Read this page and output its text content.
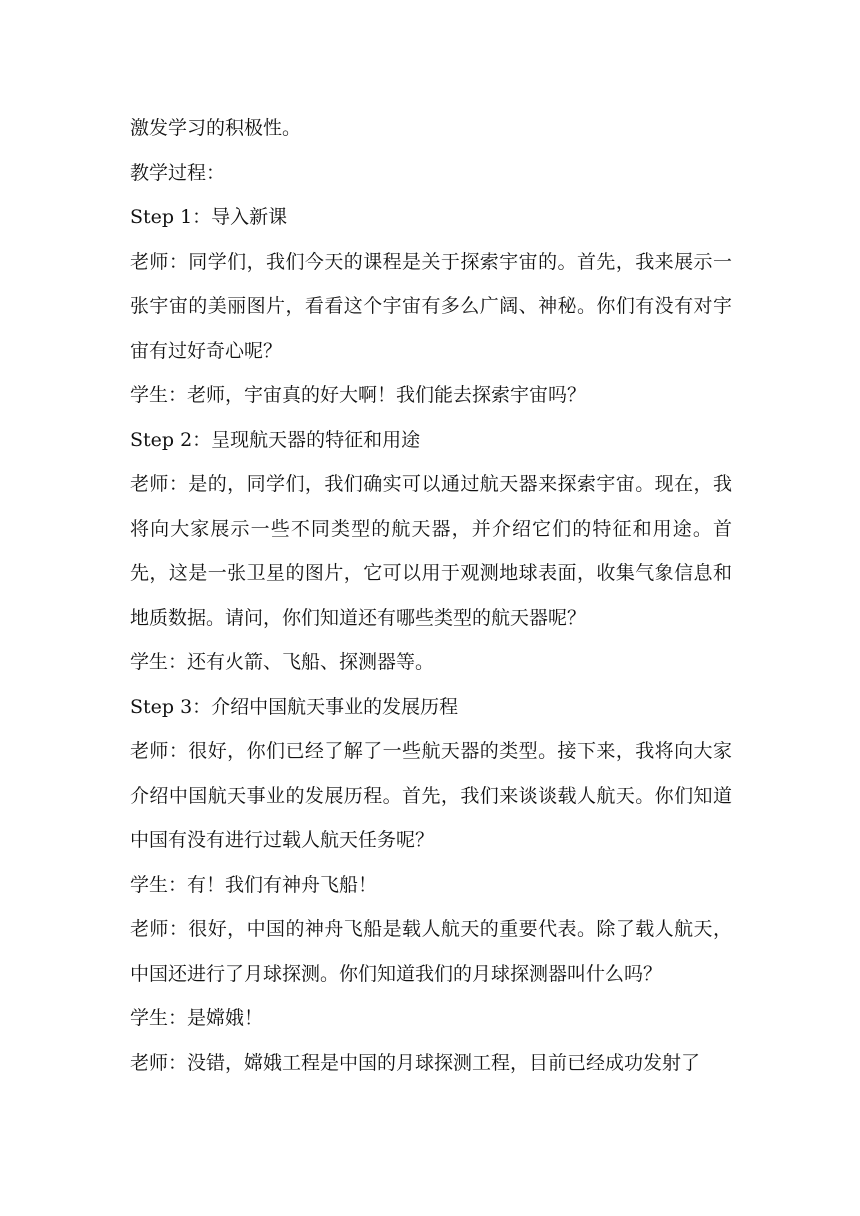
激发学习的积极性。

教学过程：

Step 1：导入新课

老师：同学们，我们今天的课程是关于探索宇宙的。首先，我来展示一张宇宙的美丽图片，看看这个宇宙有多么广阔、神秘。你们有没有对宇宙有过好奇心呢？

学生：老师，宇宙真的好大啊！我们能去探索宇宙吗？

Step 2：呈现航天器的特征和用途

老师：是的，同学们，我们确实可以通过航天器来探索宇宙。现在，我将向大家展示一些不同类型的航天器，并介绍它们的特征和用途。首先，这是一张卫星的图片，它可以用于观测地球表面，收集气象信息和地质数据。请问，你们知道还有哪些类型的航天器呢？

学生：还有火箭、飞船、探测器等。

Step 3：介绍中国航天事业的发展历程

老师：很好，你们已经了解了一些航天器的类型。接下来，我将向大家介绍中国航天事业的发展历程。首先，我们来谈谈载人航天。你们知道中国有没有进行过载人航天任务呢？

学生：有！我们有神舟飞船！

老师：很好，中国的神舟飞船是载人航天的重要代表。除了载人航天，中国还进行了月球探测。你们知道我们的月球探测器叫什么吗？

学生：是嫦娥！

老师：没错，嫦娥工程是中国的月球探测工程，目前已经成功发射了
